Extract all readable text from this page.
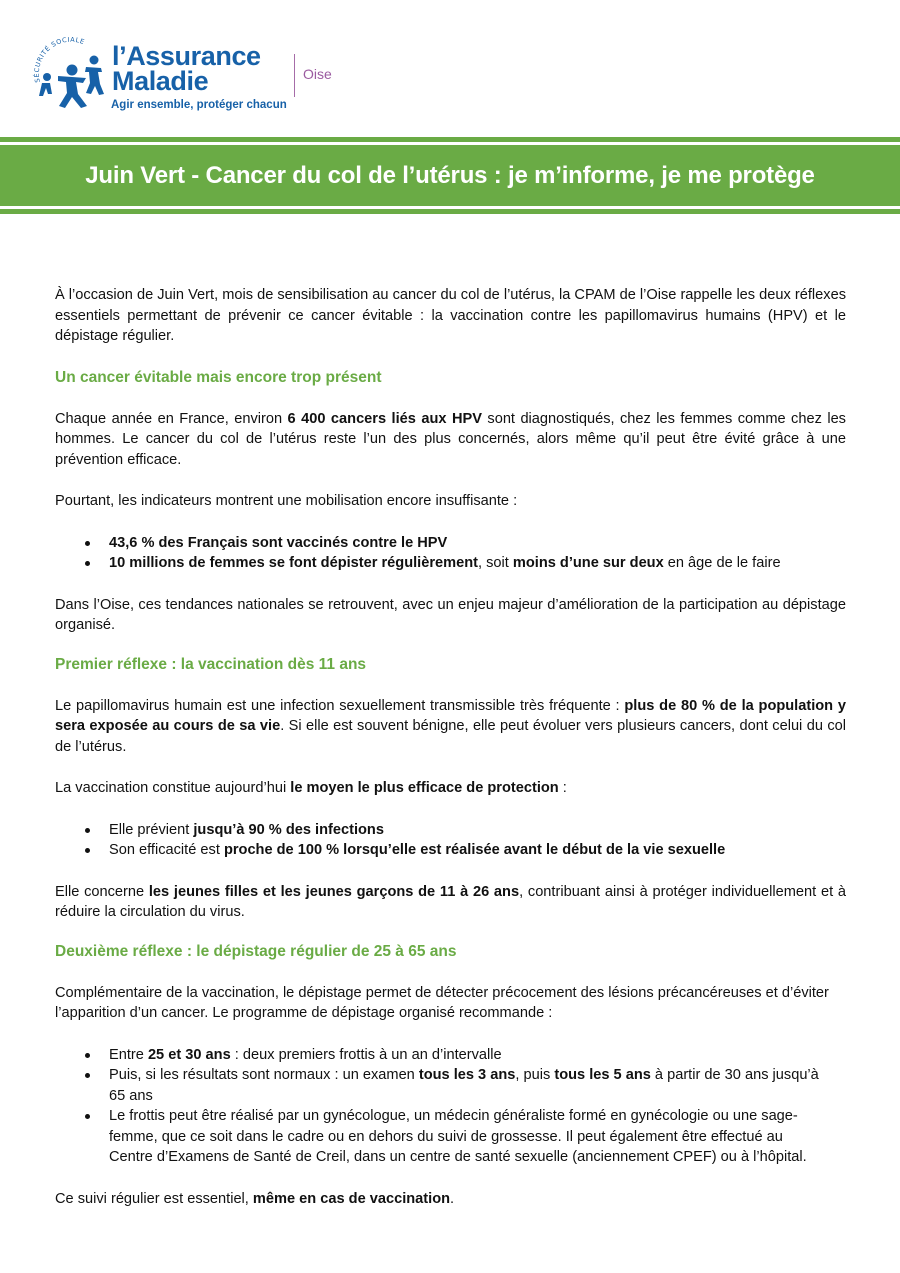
SÉCURITÉ SOCIALE l’Assurance
Maladie
Agir ensemble, protéger chacun
Oise
Juin Vert - Cancer du col de l’utérus : je m’informe, je me protège

À l’occasion de Juin Vert, mois de sensibilisation au cancer du col de l’utérus, la CPAM de l’Oise rappelle les deux réflexes essentiels permettant de prévenir ce cancer évitable : la vaccination contre les papillomavirus humains (HPV) et le dépistage régulier.

Un cancer évitable mais encore trop présent

Chaque année en France, environ 6 400 cancers liés aux HPV sont diagnostiqués, chez les femmes comme chez les hommes. Le cancer du col de l’utérus reste l’un des plus concernés, alors même qu’il peut être évité grâce à une prévention efficace.

Pourtant, les indicateurs montrent une mobilisation encore insuffisante :

43,6 % des Français sont vaccinés contre le HPV
10 millions de femmes se font dépister régulièrement, soit moins d’une sur deux en âge de le faire

Dans l’Oise, ces tendances nationales se retrouvent, avec un enjeu majeur d’amélioration de la participation au dépistage organisé.

Premier réflexe : la vaccination dès 11 ans

Le papillomavirus humain est une infection sexuellement transmissible très fréquente : plus de 80 % de la population y sera exposée au cours de sa vie. Si elle est souvent bénigne, elle peut évoluer vers plusieurs cancers, dont celui du col de l’utérus.

La vaccination constitue aujourd’hui le moyen le plus efficace de protection :

Elle prévient jusqu’à 90 % des infections
Son efficacité est proche de 100 % lorsqu’elle est réalisée avant le début de la vie sexuelle

Elle concerne les jeunes filles et les jeunes garçons de 11 à 26 ans, contribuant ainsi à protéger individuellement et à réduire la circulation du virus.

Deuxième réflexe : le dépistage régulier de 25 à 65 ans

Complémentaire de la vaccination, le dépistage permet de détecter précocement des lésions précancéreuses et d’éviter l’apparition d’un cancer. Le programme de dépistage organisé recommande :

Entre 25 et 30 ans : deux premiers frottis à un an d’intervalle
Puis, si les résultats sont normaux : un examen tous les 3 ans, puis tous les 5 ans à partir de 30 ans jusqu’à 65 ans
Le frottis peut être réalisé par un gynécologue, un médecin généraliste formé en gynécologie ou une sage-femme, que ce soit dans le cadre ou en dehors du suivi de grossesse. Il peut également être effectué au Centre d’Examens de Santé de Creil, dans un centre de santé sexuelle (anciennement CPEF) ou à l’hôpital.

Ce suivi régulier est essentiel, même en cas de vaccination.
